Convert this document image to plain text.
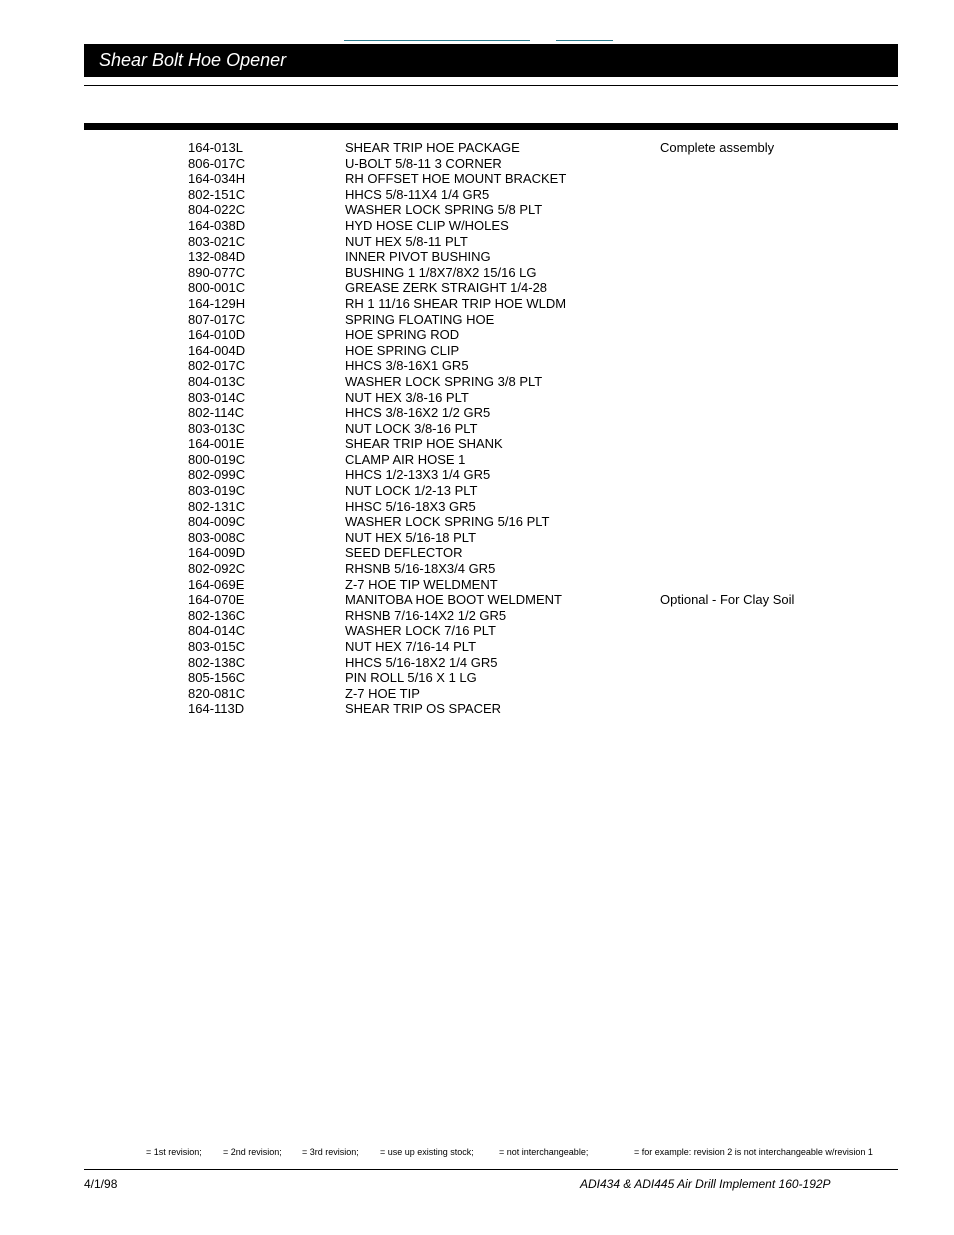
Shear Bolt Hoe Opener
164-013L	SHEAR TRIP HOE PACKAGE	Complete assembly
806-017C	U-BOLT 5/8-11 3 CORNER
164-034H	RH OFFSET HOE MOUNT BRACKET
802-151C	HHCS 5/8-11X4 1/4 GR5
804-022C	WASHER LOCK SPRING 5/8 PLT
164-038D	HYD HOSE CLIP W/HOLES
803-021C	NUT HEX 5/8-11 PLT
132-084D	INNER PIVOT BUSHING
890-077C	BUSHING 1 1/8X7/8X2 15/16 LG
800-001C	GREASE ZERK STRAIGHT 1/4-28
164-129H	RH 1 11/16 SHEAR TRIP HOE WLDM
807-017C	SPRING FLOATING HOE
164-010D	HOE SPRING ROD
164-004D	HOE SPRING CLIP
802-017C	HHCS 3/8-16X1 GR5
804-013C	WASHER LOCK SPRING 3/8 PLT
803-014C	NUT HEX 3/8-16 PLT
802-114C	HHCS 3/8-16X2 1/2 GR5
803-013C	NUT LOCK 3/8-16 PLT
164-001E	SHEAR TRIP HOE SHANK
800-019C	CLAMP AIR HOSE 1
802-099C	HHCS 1/2-13X3 1/4 GR5
803-019C	NUT LOCK 1/2-13 PLT
802-131C	HHSC 5/16-18X3 GR5
804-009C	WASHER LOCK SPRING 5/16 PLT
803-008C	NUT HEX 5/16-18 PLT
164-009D	SEED DEFLECTOR
802-092C	RHSNB 5/16-18X3/4 GR5
164-069E	Z-7 HOE TIP WELDMENT
164-070E	MANITOBA HOE BOOT WELDMENT	Optional - For Clay Soil
802-136C	RHSNB 7/16-14X2 1/2 GR5
804-014C	WASHER LOCK 7/16 PLT
803-015C	NUT HEX 7/16-14 PLT
802-138C	HHCS 5/16-18X2 1/4 GR5
805-156C	PIN ROLL 5/16 X 1 LG
820-081C	Z-7 HOE TIP
164-113D	SHEAR TRIP OS SPACER
= 1st revision; = 2nd revision; = 3rd revision; = use up existing stock;	= not interchangeable;	= for example: revision 2 is not interchangeable w/revision 1
4/1/98	ADI434 & ADI445 Air Drill Implement 160-192P
